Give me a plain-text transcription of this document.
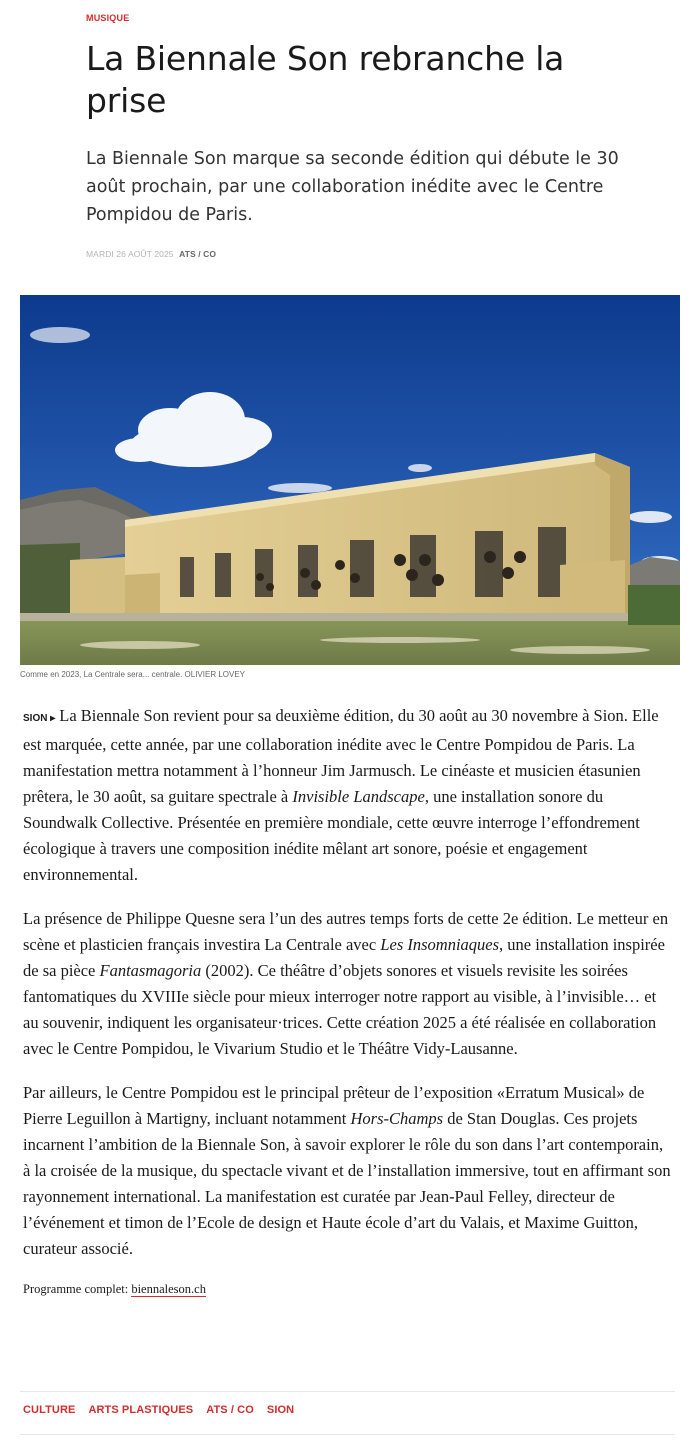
MUSIQUE
La Biennale Son rebranche la prise

La Biennale Son marque sa seconde édition qui débute le 30 août prochain, par une collaboration inédite avec le Centre Pompidou de Paris.

MARDI 26 AOÛT 2025 ATS / CO
Comme en 2023, La Centrale sera... centrale. OLIVIER LOVEY

SION ▸ La Biennale Son revient pour sa deuxième édition, du 30 août au 30 novembre à Sion. Elle est marquée, cette année, par une collaboration inédite avec le Centre Pompidou de Paris. La manifestation mettra notamment à l’honneur Jim Jarmusch. Le cinéaste et musicien étasunien prêtera, le 30 août, sa guitare spectrale à Invisible Landscape, une installation sonore du Soundwalk Collective. Présentée en première mondiale, cette œuvre interroge l’effondrement écologique à travers une composition inédite mêlant art sonore, poésie et engagement environnemental.

La présence de Philippe Quesne sera l’un des autres temps forts de cette 2e édition. Le metteur en scène et plasticien français investira La Centrale avec Les Insomniaques, une installation inspirée de sa pièce Fantasmagoria (2002). Ce théâtre d’objets sonores et visuels revisite les soirées fantomatiques du XVIIIe siècle pour mieux interroger notre rapport au visible, à l’invisible… et au souvenir, indiquent les organisateur·trices. Cette création 2025 a été réalisée en collaboration avec le Centre Pompidou, le Vivarium Studio et le Théâtre Vidy-Lausanne.

Par ailleurs, le Centre Pompidou est le principal prêteur de l’exposition «Erratum Musical» de Pierre Leguillon à Martigny, incluant notamment Hors-Champs de Stan Douglas. Ces projets incarnent l’ambition de la Biennale Son, à savoir explorer le rôle du son dans l’art contemporain, à la croisée de la musique, du spectacle vivant et de l’installation immersive, tout en affirmant son rayonnement international. La manifestation est curatée par Jean-Paul Felley, directeur de l’événement et timon de l’Ecole de design et Haute école d’art du Valais, et Maxime Guitton, curateur associé.

Programme complet: biennaleson.ch

CULTURE ARTS PLASTIQUES ATS / CO SION
